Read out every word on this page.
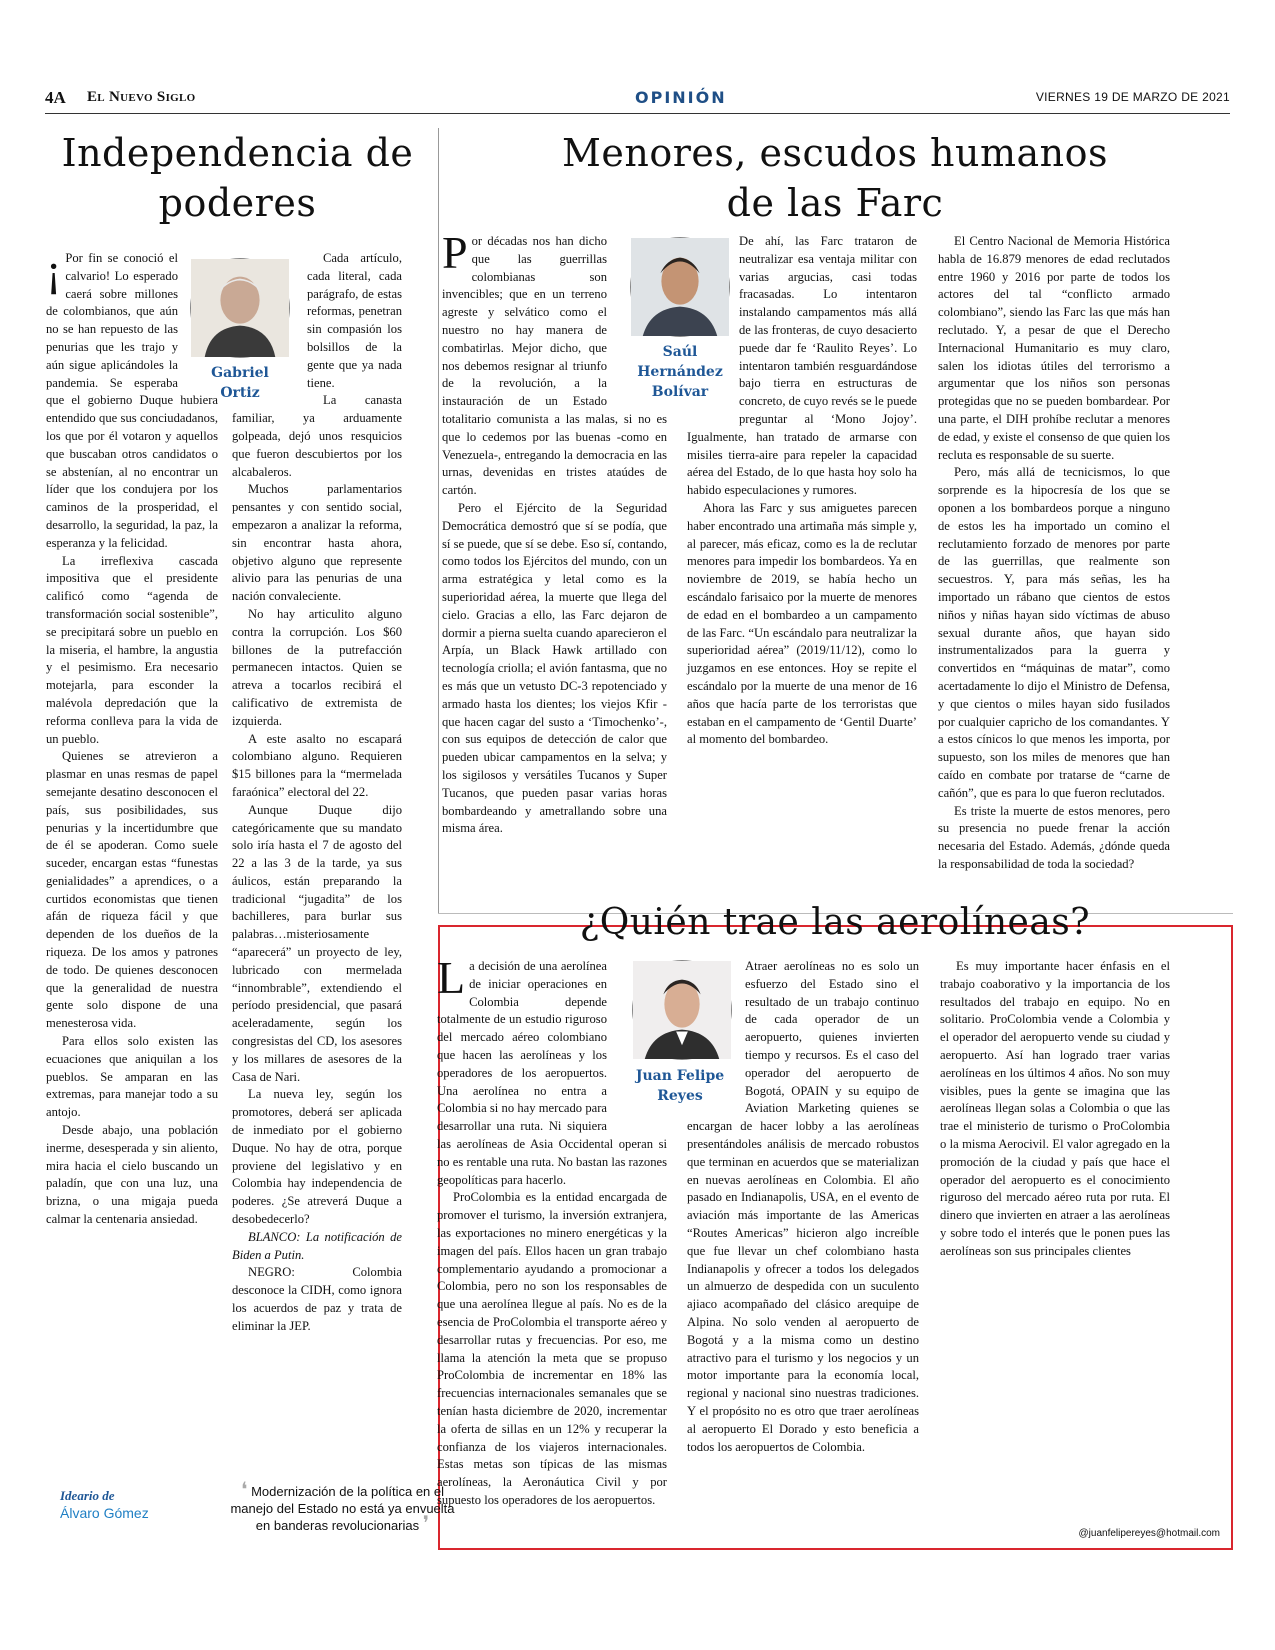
4A El Nuevo Siglo	OPINIÓN	VIERNES 19 DE MARZO DE 2021
Independencia de poderes
Gabriel
Ortiz

¡ Por fin se conoció el calvario! Lo esperado caerá sobre millones de colombianos, que aún no se han repuesto de las penurias que les trajo y aún sigue aplicándoles la pandemia. Se esperaba que el gobierno Duque hubiera entendido que sus conciudadanos, los que por él votaron y aquellos que buscaban otros candidatos o se abstenían, al no encontrar un líder que los condujera por los caminos de la prosperidad, el desarrollo, la seguridad, la paz, la esperanza y la felicidad.

La irreflexiva cascada impositiva que el presidente calificó como “agenda de transformación social sostenible”, se precipitará sobre un pueblo en la miseria, el hambre, la angustia y el pesimismo. Era necesario motejarla, para esconder la malévola depredación que la reforma conlleva para la vida de un pueblo.

Quienes se atrevieron a plasmar en unas resmas de papel semejante desatino desconocen el país, sus posibilidades, sus penurias y la incertidumbre que de él se apoderan. Como suele suceder, encargan estas “funestas genialidades” a aprendices, o a curtidos economistas que tienen afán de riqueza fácil y que dependen de los dueños de la riqueza. De los amos y patrones de todo. De quienes desconocen que la generalidad de nuestra gente solo dispone de una menesterosa vida.

Para ellos solo existen las ecuaciones que aniquilan a los pueblos. Se amparan en las extremas, para manejar todo a su antojo.

Desde abajo, una población inerme, desesperada y sin aliento, mira hacia el cielo buscando un paladín, que con una luz, una brizna, o una migaja pueda calmar la centenaria ansiedad.

Cada artículo, cada literal, cada parágrafo, de estas reformas, penetran sin compasión los bolsillos de la gente que ya nada tiene.

La canasta familiar, ya arduamente golpeada, dejó unos resquicios que fueron descubiertos por los alcabaleros.

Muchos parlamentarios pensantes y con sentido social, empezaron a analizar la reforma, sin encontrar hasta ahora, objetivo alguno que represente alivio para las penurias de una nación convaleciente.

No hay articulito alguno contra la corrupción. Los $60 billones de la putrefacción permanecen intactos. Quien se atreva a tocarlos recibirá el calificativo de extremista de izquierda.

A este asalto no escapará colombiano alguno. Requieren $15 billones para la “mermelada faraónica” electoral del 22.

Aunque Duque dijo categóricamente que su mandato solo iría hasta el 7 de agosto del 22 a las 3 de la tarde, ya sus áulicos, están preparando la tradicional “jugadita” de los bachilleres, para burlar sus palabras…misteriosamente “aparecerá” un proyecto de ley, lubricado con mermelada “innombrable”, extendiendo el período presidencial, que pasará aceleradamente, según los congresistas del CD, los asesores y los millares de asesores de la Casa de Nari.

La nueva ley, según los promotores, deberá ser aplicada de inmediato por el gobierno Duque. No hay de otra, porque proviene del legislativo y en Colombia hay independencia de poderes. ¿Se atreverá Duque a desobedecerlo?

BLANCO: La notificación de Biden a Putin.

NEGRO: Colombia desconoce la CIDH, como ignora los acuerdos de paz y trata de eliminar la JEP.

Menores, escudos humanos de las Farc
Saúl
Hernández
Bolívar

Por décadas nos han dicho que las guerrillas colombianas son invencibles; que en un terreno agreste y selvático como el nuestro no hay manera de combatirlas. Mejor dicho, que nos debemos resignar al triunfo de la revolución, a la instauración de un Estado totalitario comunista a las malas, si no es que lo cedemos por las buenas -como en Venezuela-, entregando la democracia en las urnas, devenidas en tristes ataúdes de cartón.

Pero el Ejército de la Seguridad Democrática demostró que sí se podía, que sí se puede, que sí se debe. Eso sí, contando, como todos los Ejércitos del mundo, con un arma estratégica y letal como es la superioridad aérea, la muerte que llega del cielo. Gracias a ello, las Farc dejaron de dormir a pierna suelta cuando aparecieron el Arpía, un Black Hawk artillado con tecnología criolla; el avión fantasma, que no es más que un vetusto DC-3 repotenciado y armado hasta los dientes; los viejos Kfir -que hacen cagar del susto a ‘Timochenko’-, con sus equipos de detección de calor que pueden ubicar campamentos en la selva; y los sigilosos y versátiles Tucanos y Super Tucanos, que pueden pasar varias horas bombardeando y ametrallando sobre una misma área.

De ahí, las Farc trataron de neutralizar esa ventaja militar con varias argucias, casi todas fracasadas. Lo intentaron instalando campamentos más allá de las fronteras, de cuyo desacierto puede dar fe ‘Raulito Reyes’. Lo intentaron también resguardándose bajo tierra en estructuras de concreto, de cuyo revés se le puede preguntar al ‘Mono Jojoy’. Igualmente, han tratado de armarse con misiles tierra-aire para repeler la capacidad aérea del Estado, de lo que hasta hoy solo ha habido especulaciones y rumores.

Ahora las Farc y sus amiguetes parecen haber encontrado una artimaña más simple y, al parecer, más eficaz, como es la de reclutar menores para impedir los bombardeos. Ya en noviembre de 2019, se había hecho un escándalo farisaico por la muerte de menores de edad en el bombardeo a un campamento de las Farc. “Un escándalo para neutralizar la superioridad aérea” (2019/11/12), como lo juzgamos en ese entonces. Hoy se repite el escándalo por la muerte de una menor de 16 años que hacía parte de los terroristas que estaban en el campamento de ‘Gentil Duarte’ al momento del bombardeo.

El Centro Nacional de Memoria Histórica habla de 16.879 menores de edad reclutados entre 1960 y 2016 por parte de todos los actores del tal “conflicto armado colombiano”, siendo las Farc las que más han reclutado. Y, a pesar de que el Derecho Internacional Humanitario es muy claro, salen los idiotas útiles del terrorismo a argumentar que los niños son personas protegidas que no se pueden bombardear. Por una parte, el DIH prohíbe reclutar a menores de edad, y existe el consenso de que quien los recluta es responsable de su suerte.

Pero, más allá de tecnicismos, lo que sorprende es la hipocresía de los que se oponen a los bombardeos porque a ninguno de estos les ha importado un comino el reclutamiento forzado de menores por parte de las guerrillas, que realmente son secuestros. Y, para más señas, les ha importado un rábano que cientos de estos niños y niñas hayan sido víctimas de abuso sexual durante años, que hayan sido instrumentalizados para la guerra y convertidos en “máquinas de matar”, como acertadamente lo dijo el Ministro de Defensa, y que cientos o miles hayan sido fusilados por cualquier capricho de los comandantes. Y a estos cínicos lo que menos les importa, por supuesto, son los miles de menores que han caído en combate por tratarse de “carne de cañón”, que es para lo que fueron reclutados.

Es triste la muerte de estos menores, pero su presencia no puede frenar la acción necesaria del Estado. Además, ¿dónde queda la responsabilidad de toda la sociedad?

¿Quién trae las aerolíneas?
Juan Felipe
Reyes

La decisión de una aerolínea de iniciar operaciones en Colombia depende totalmente de un estudio riguroso del mercado aéreo colombiano que hacen las aerolíneas y los operadores de los aeropuertos. Una aerolínea no entra a Colombia si no hay mercado para desarrollar una ruta. Ni siquiera las aerolíneas de Asia Occidental operan si no es rentable una ruta. No bastan las razones geopolíticas para hacerlo.

ProColombia es la entidad encargada de promover el turismo, la inversión extranjera, las exportaciones no minero energéticas y la imagen del país. Ellos hacen un gran trabajo complementario ayudando a promocionar a Colombia, pero no son los responsables de que una aerolínea llegue al país. No es de la esencia de ProColombia el transporte aéreo y desarrollar rutas y frecuencias. Por eso, me llama la atención la meta que se propuso ProColombia de incrementar en 18% las frecuencias internacionales semanales que se tenían hasta diciembre de 2020, incrementar la oferta de sillas en un 12% y recuperar la confianza de los viajeros internacionales. Estas metas son típicas de las mismas aerolíneas, la Aeronáutica Civil y por supuesto los operadores de los aeropuertos.

Atraer aerolíneas no es solo un esfuerzo del Estado sino el resultado de un trabajo continuo de cada operador de un aeropuerto, quienes invierten tiempo y recursos. Es el caso del operador del aeropuerto de Bogotá, OPAIN y su equipo de Aviation Marketing quienes se encargan de hacer lobby a las aerolíneas presentándoles análisis de mercado robustos que terminan en acuerdos que se materializan en nuevas aerolíneas en Colombia. El año pasado en Indianapolis, USA, en el evento de aviación más importante de las Americas “Routes Americas” hicieron algo increíble que fue llevar un chef colombiano hasta Indianapolis y ofrecer a todos los delegados un almuerzo de despedida con un suculento ajiaco acompañado del clásico arequipe de Alpina. No solo venden al aeropuerto de Bogotá y a la misma como un destino atractivo para el turismo y los negocios y un motor importante para la economía local, regional y nacional sino nuestras tradiciones. Y el propósito no es otro que traer aerolíneas al aeropuerto El Dorado y esto beneficia a todos los aeropuertos de Colombia.

Es muy importante hacer énfasis en el trabajo coaborativo y la importancia de los resultados del trabajo en equipo. No en solitario. ProColombia vende a Colombia y el operador del aeropuerto vende su ciudad y aeropuerto. Así han logrado traer varias aerolíneas en los últimos 4 años. No son muy visibles, pues la gente se imagina que las aerolíneas llegan solas a Colombia o que las trae el ministerio de turismo o ProColombia o la misma Aerocivil. El valor agregado en la promoción de la ciudad y país que hace el operador del aeropuerto es el conocimiento riguroso del mercado aéreo ruta por ruta. El dinero que invierten en atraer a las aerolíneas y sobre todo el interés que le ponen pues las aerolíneas son sus principales clientes

@juanfelipereyes@hotmail.com
Ideario de
Álvaro Gómez
❛ Modernización de la política en el manejo del Estado no está ya envuelta en banderas revolucionarias ❜
